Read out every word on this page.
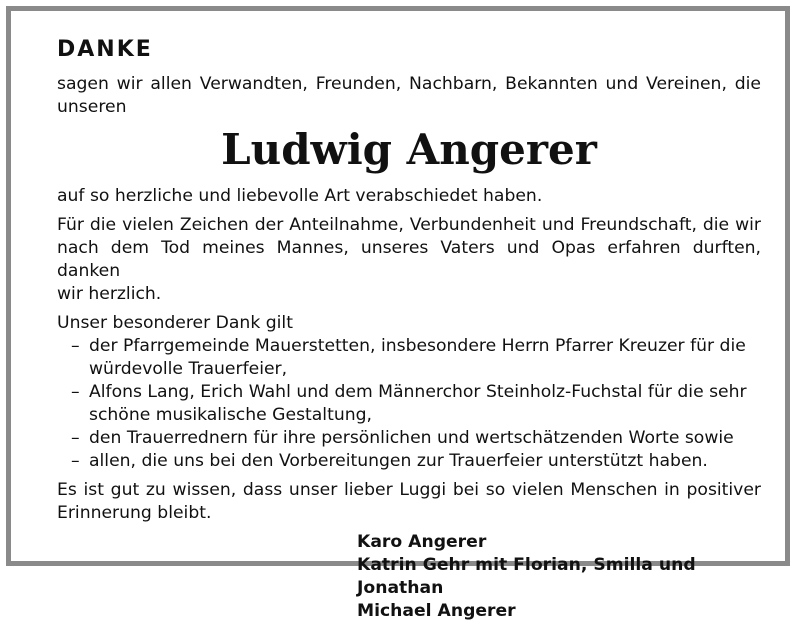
DANKE
sagen wir allen Verwandten, Freunden, Nachbarn, Bekannten und Vereinen, die
unseren
Ludwig Angerer
auf so herzliche und liebevolle Art verabschiedet haben.
Für die vielen Zeichen der Anteilnahme, Verbundenheit und Freundschaft, die wir
nach dem Tod meines Mannes, unseres Vaters und Opas erfahren durften, danken
wir herzlich.
Unser besonderer Dank gilt
– der Pfarrgemeinde Mauerstetten, insbesondere Herrn Pfarrer Kreuzer für die
würdevolle Trauerfeier,
– Alfons Lang, Erich Wahl und dem Männerchor Steinholz-Fuchstal für die sehr
schöne musikalische Gestaltung,
– den Trauerrednern für ihre persönlichen und wertschätzenden Worte sowie
– allen, die uns bei den Vorbereitungen zur Trauerfeier unterstützt haben.
Es ist gut zu wissen, dass unser lieber Luggi bei so vielen Menschen in positiver
Erinnerung bleibt.
Karo Angerer
Katrin Gehr mit Florian, Smilla und Jonathan
Michael Angerer
